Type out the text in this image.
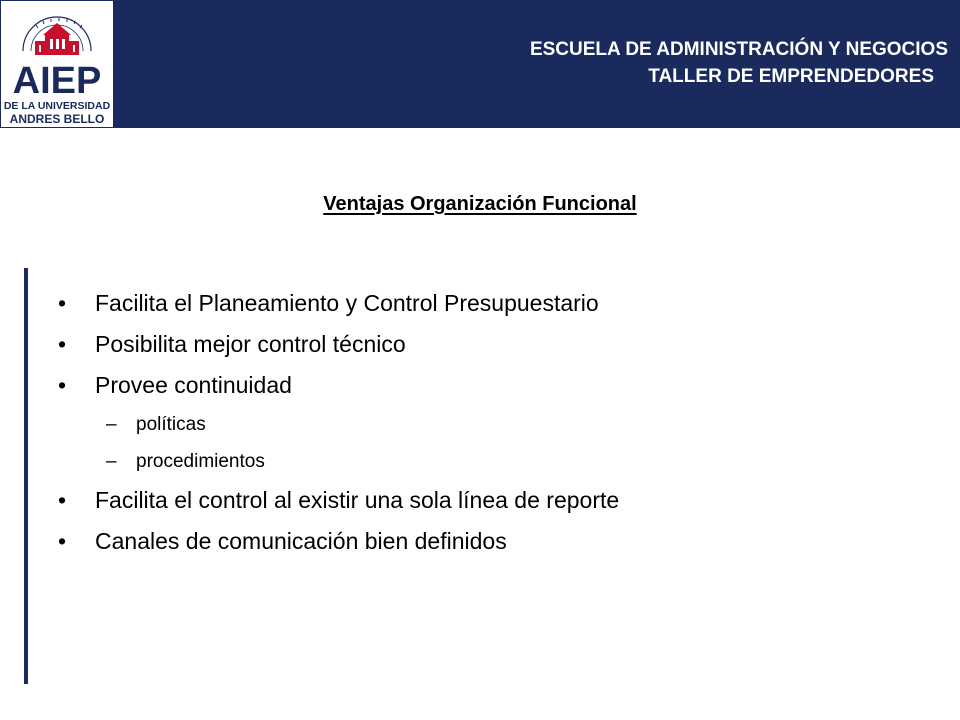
AIEP
DE LA UNIVERSIDAD
ANDRES BELLO
ESCUELA DE ADMINISTRACIÓN Y NEGOCIOS
TALLER DE EMPRENDEDORES
Ventajas Organización Funcional
•	Facilita el Planeamiento y Control Presupuestario
•	Posibilita mejor control técnico
•	Provee continuidad
–	políticas
–	procedimientos
•	Facilita el control al existir una sola línea de reporte
•	Canales de comunicación bien definidos
